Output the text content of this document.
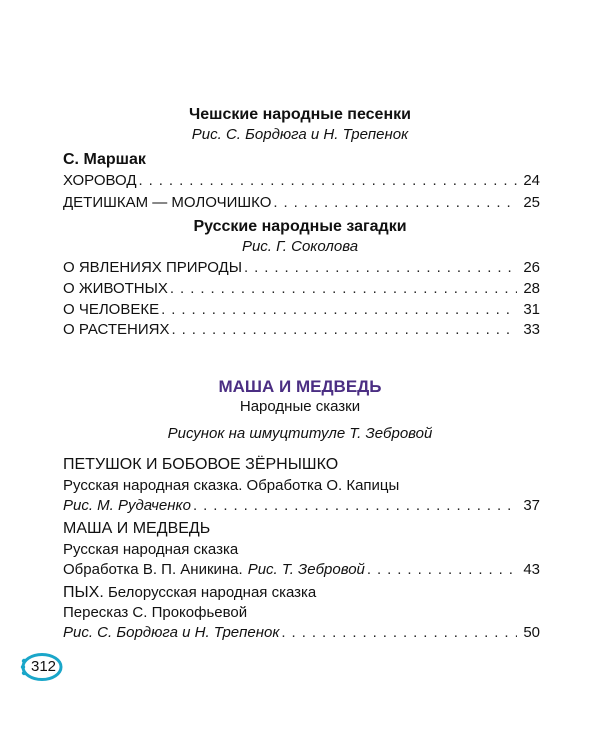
Чешские народные песенки
Рис. С. Бордюга и Н. Трепенок
С. Маршак
ХОРОВОД . . .	24
ДЕТИШКАМ — МОЛОЧИШКО . . .	25
Русские народные загадки
Рис. Г. Соколова
О ЯВЛЕНИЯХ ПРИРОДЫ . . .	26
О ЖИВОТНЫХ . . .	28
О ЧЕЛОВЕКЕ . . .	31
О РАСТЕНИЯХ . . .	33
МАША И МЕДВЕДЬ
Народные сказки
Рисунок на шмуцтитуле Т. Зебровой
ПЕТУШОК И БОБОВОЕ ЗЁРНЫШКО
Русская народная сказка. Обработка О. Капицы
Рис. М. Рудаченко . . .	37
МАША И МЕДВЕДЬ
Русская народная сказка
Обработка В. П. Аникина. Рис. Т. Зебровой . . .	43
ПЫХ. Белорусская народная сказка
Пересказ С. Прокофьевой
Рис. С. Бордюга и Н. Трепенок . . .	50
312
